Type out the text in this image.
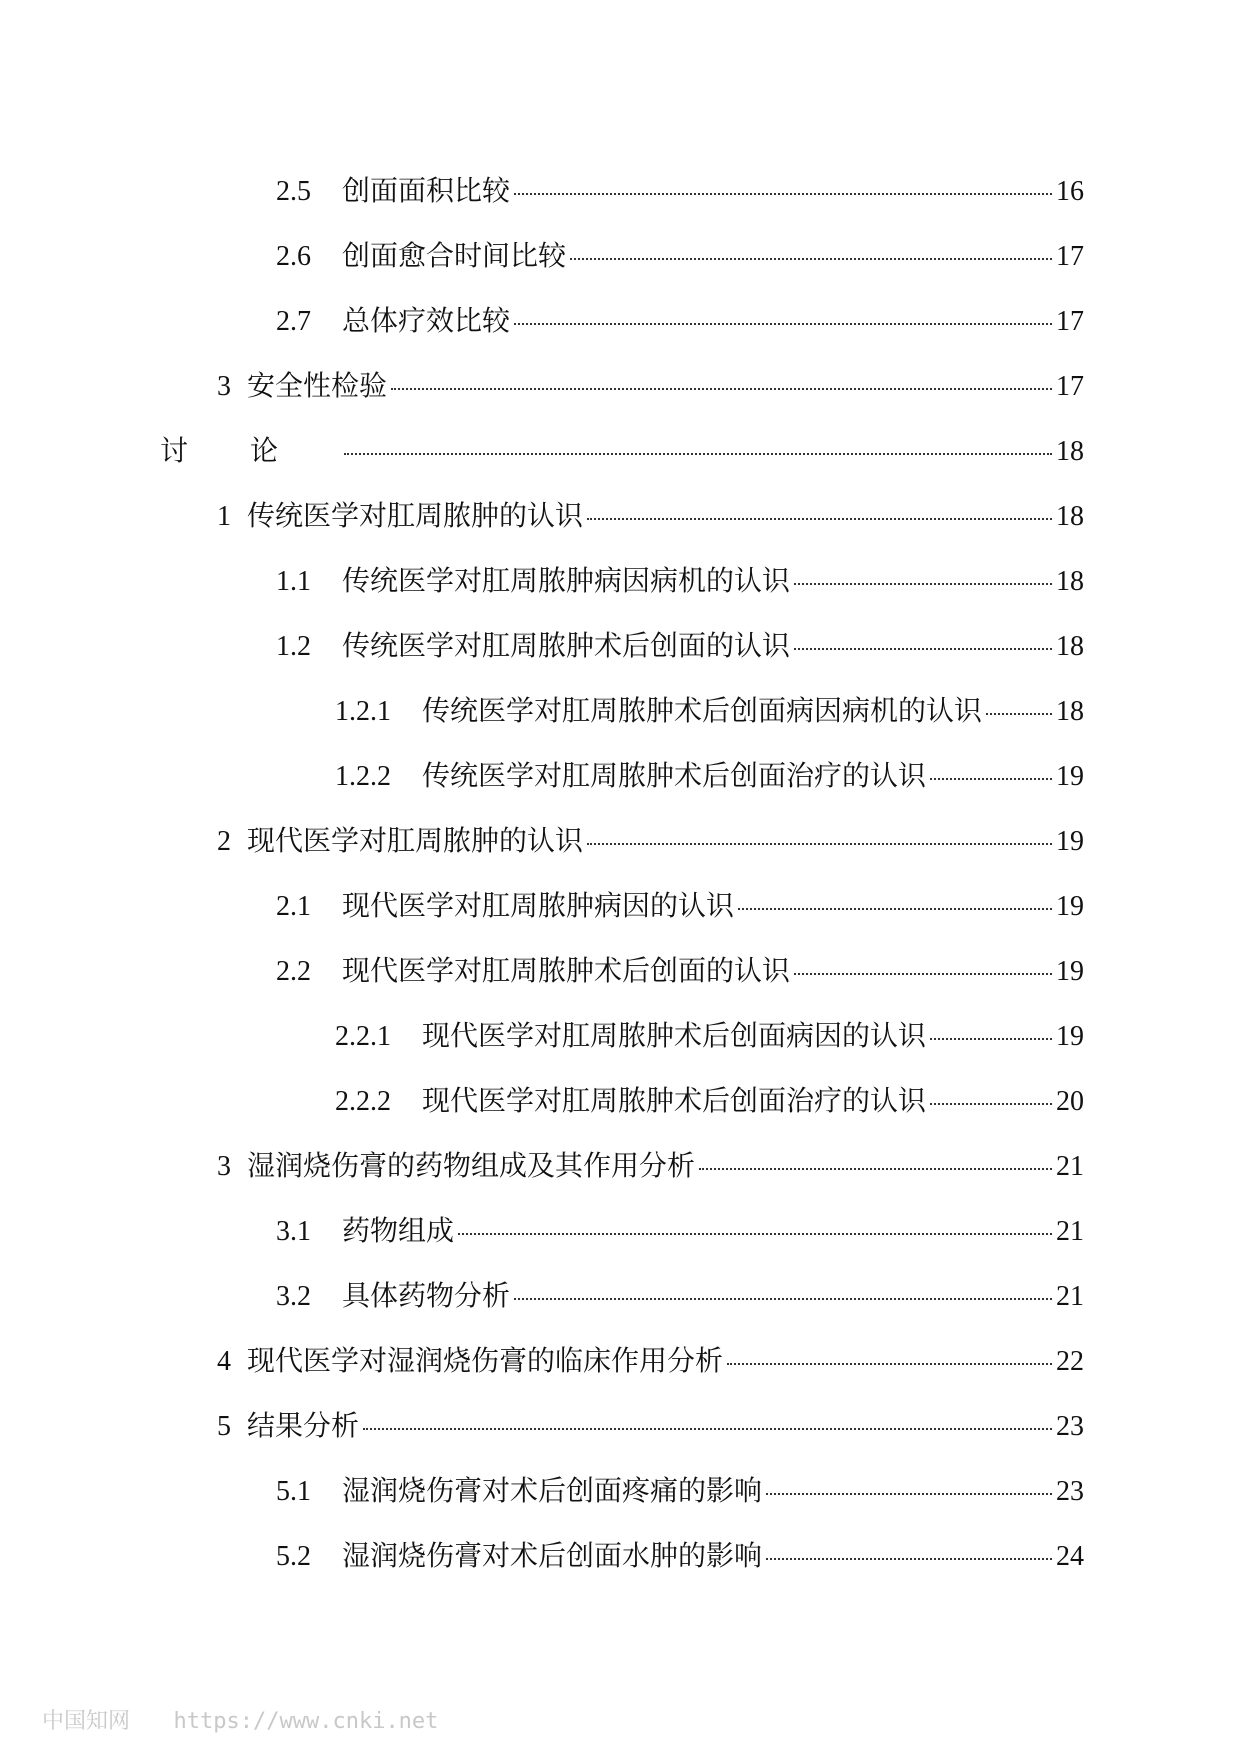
2.5	创面面积比较	16
2.6	创面愈合时间比较	17
2.7	总体疗效比较	17
3 安全性检验	17
讨论	18
1 传统医学对肛周脓肿的认识	18
1.1	传统医学对肛周脓肿病因病机的认识	18
1.2	传统医学对肛周脓肿术后创面的认识	18
1.2.1	传统医学对肛周脓肿术后创面病因病机的认识	18
1.2.2	传统医学对肛周脓肿术后创面治疗的认识	19
2 现代医学对肛周脓肿的认识	19
2.1	现代医学对肛周脓肿病因的认识	19
2.2	现代医学对肛周脓肿术后创面的认识	19
2.2.1	现代医学对肛周脓肿术后创面病因的认识	19
2.2.2	现代医学对肛周脓肿术后创面治疗的认识	20
3 湿润烧伤膏的药物组成及其作用分析	21
3.1	药物组成	21
3.2	具体药物分析	21
4 现代医学对湿润烧伤膏的临床作用分析	22
5 结果分析	23
5.1	湿润烧伤膏对术后创面疼痛的影响	23
5.2	湿润烧伤膏对术后创面水肿的影响	24
中国知网 https://www.cnki.net
